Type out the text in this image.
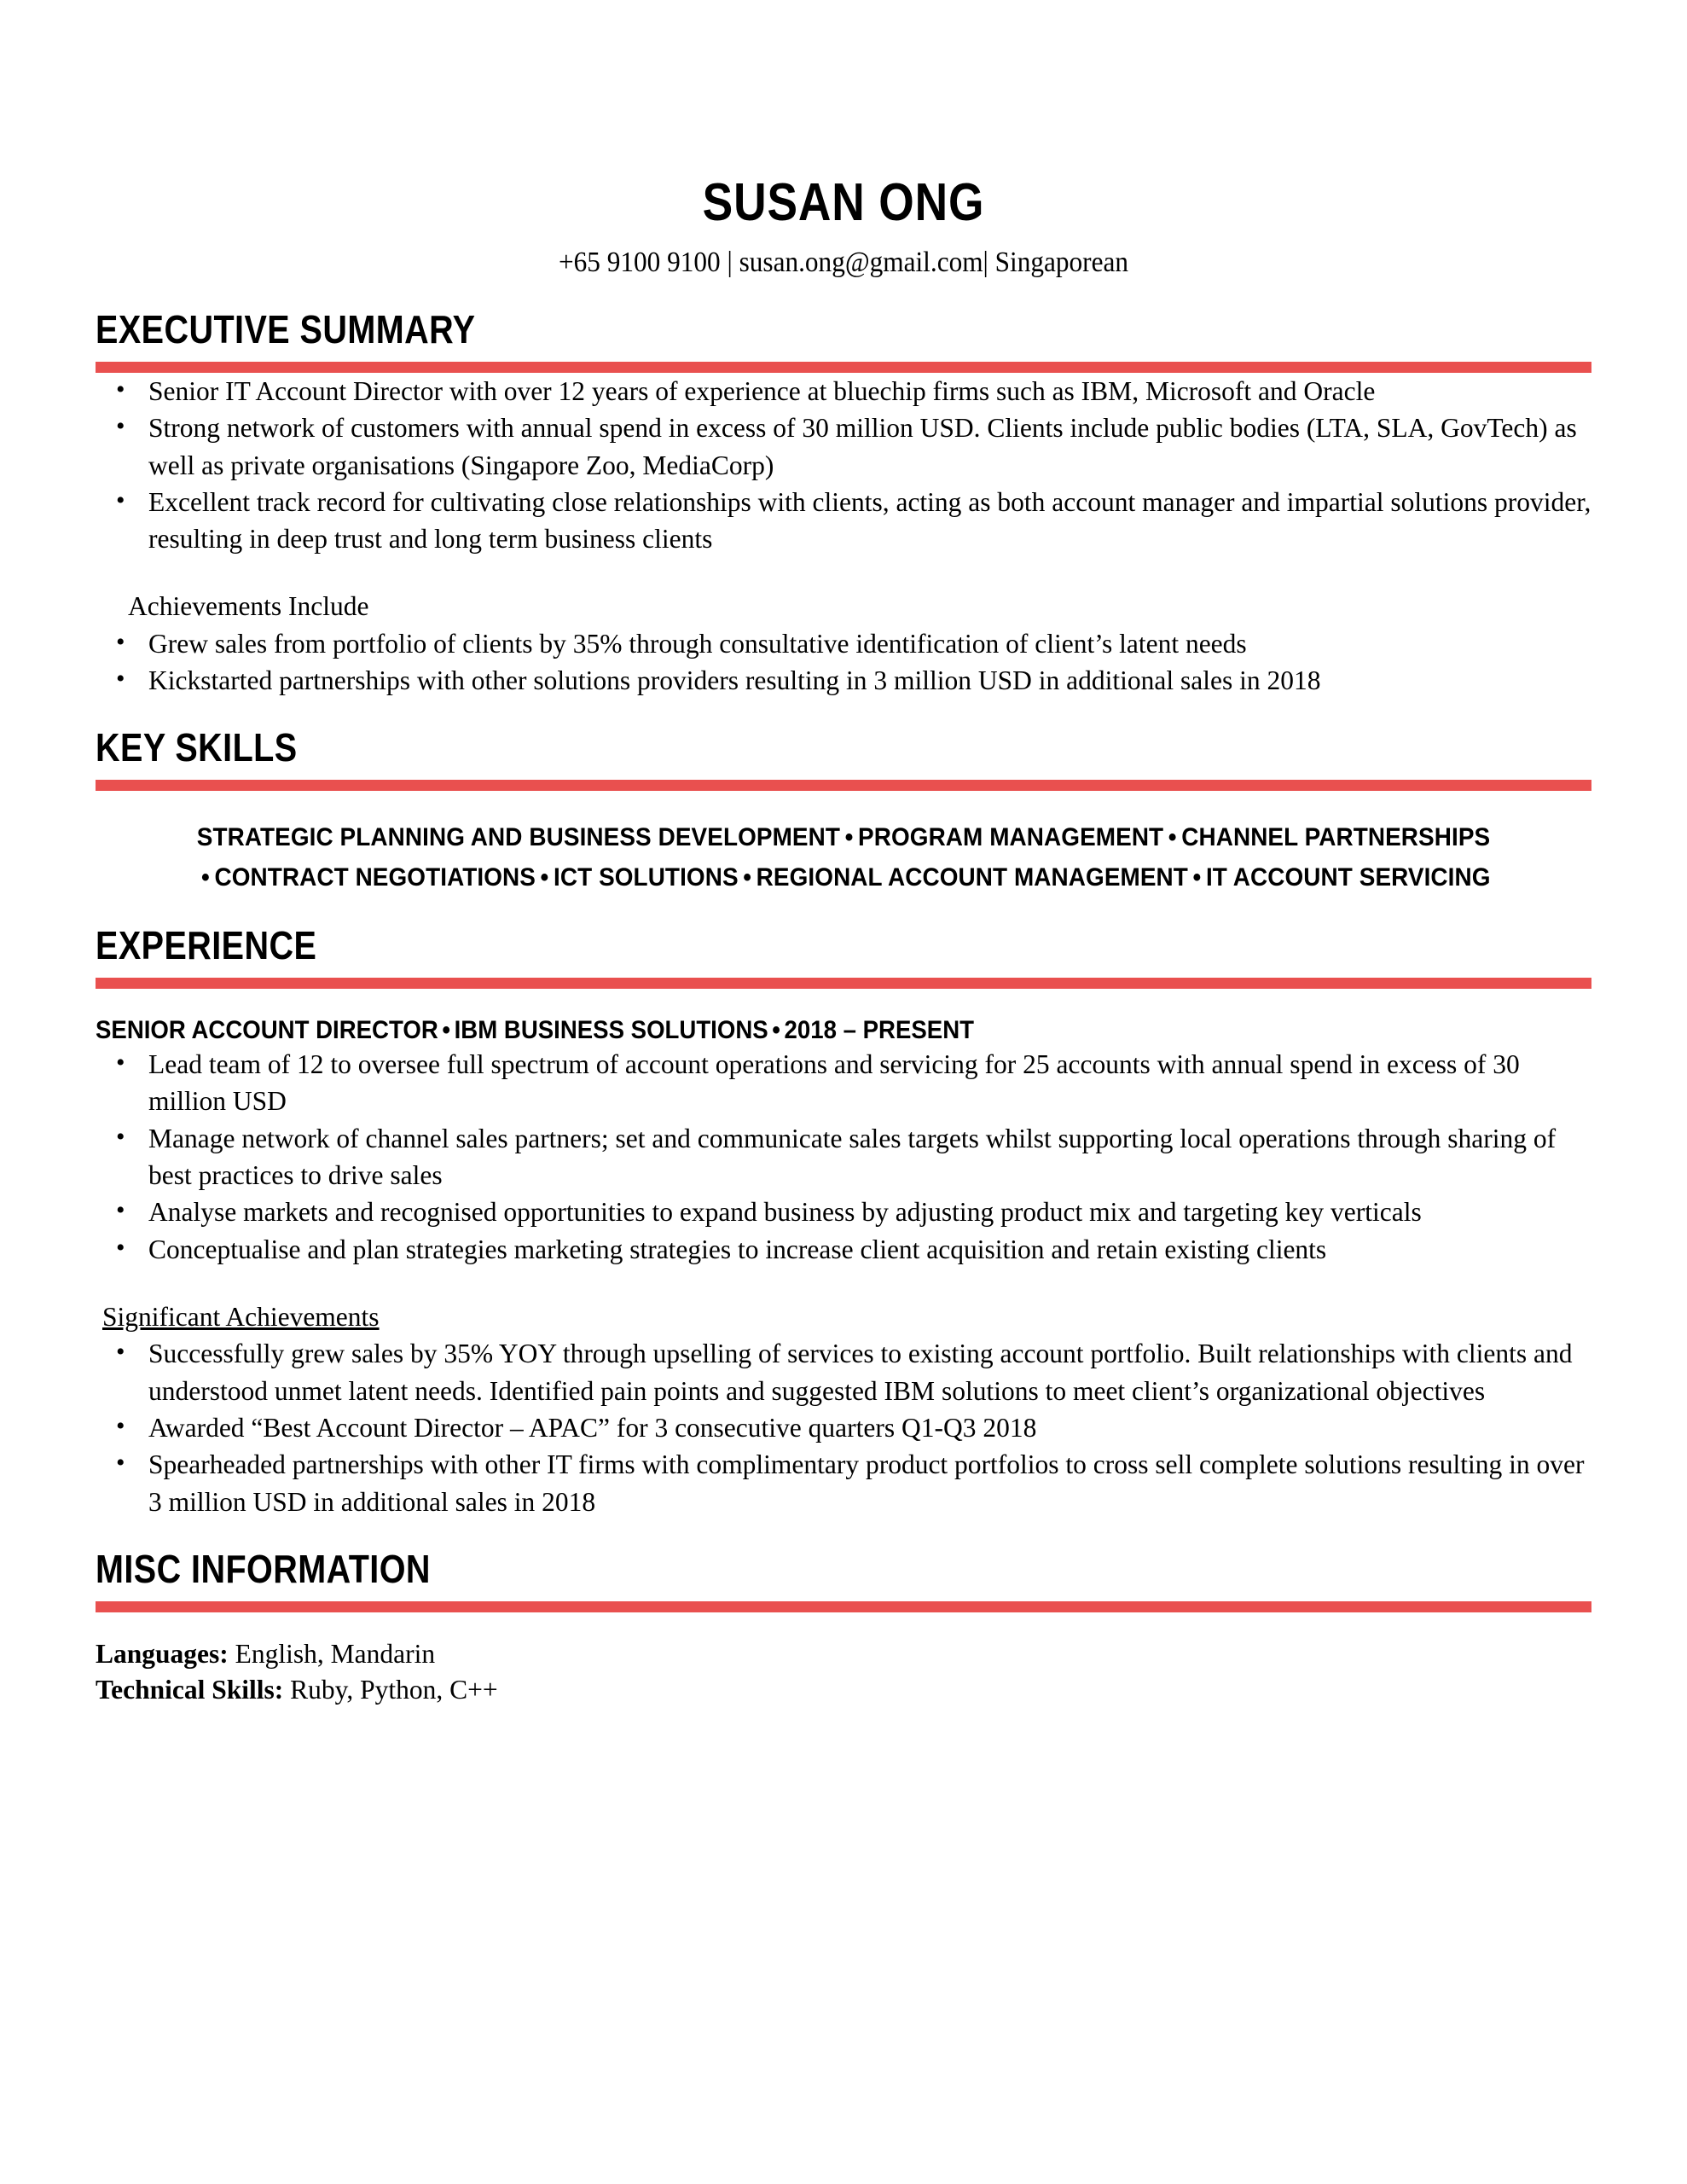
SUSAN ONG
+65 9100 9100 | susan.ong@gmail.com| Singaporean
EXECUTIVE SUMMARY
• Senior IT Account Director with over 12 years of experience at bluechip firms such as IBM, Microsoft and Oracle
• Strong network of customers with annual spend in excess of 30 million USD. Clients include public bodies (LTA, SLA, GovTech) as well as private organisations (Singapore Zoo, MediaCorp)
• Excellent track record for cultivating close relationships with clients, acting as both account manager and impartial solutions provider, resulting in deep trust and long term business clients
Achievements Include
• Grew sales from portfolio of clients by 35% through consultative identification of client’s latent needs
• Kickstarted partnerships with other solutions providers resulting in 3 million USD in additional sales in 2018
KEY SKILLS
STRATEGIC PLANNING AND BUSINESS DEVELOPMENT • PROGRAM MANAGEMENT • CHANNEL PARTNERSHIPS
• CONTRACT NEGOTIATIONS • ICT SOLUTIONS • REGIONAL ACCOUNT MANAGEMENT • IT ACCOUNT SERVICING
EXPERIENCE
SENIOR ACCOUNT DIRECTOR • IBM BUSINESS SOLUTIONS • 2018 – PRESENT
• Lead team of 12 to oversee full spectrum of account operations and servicing for 25 accounts with annual spend in excess of 30 million USD
• Manage network of channel sales partners; set and communicate sales targets whilst supporting local operations through sharing of best practices to drive sales
• Analyse markets and recognised opportunities to expand business by adjusting product mix and targeting key verticals
• Conceptualise and plan strategies marketing strategies to increase client acquisition and retain existing clients
Significant Achievements
• Successfully grew sales by 35% YOY through upselling of services to existing account portfolio. Built relationships with clients and understood unmet latent needs. Identified pain points and suggested IBM solutions to meet client’s organizational objectives
• Awarded “Best Account Director – APAC” for 3 consecutive quarters Q1-Q3 2018
• Spearheaded partnerships with other IT firms with complimentary product portfolios to cross sell complete solutions resulting in over 3 million USD in additional sales in 2018
MISC INFORMATION
Languages: English, Mandarin
Technical Skills: Ruby, Python, C++
